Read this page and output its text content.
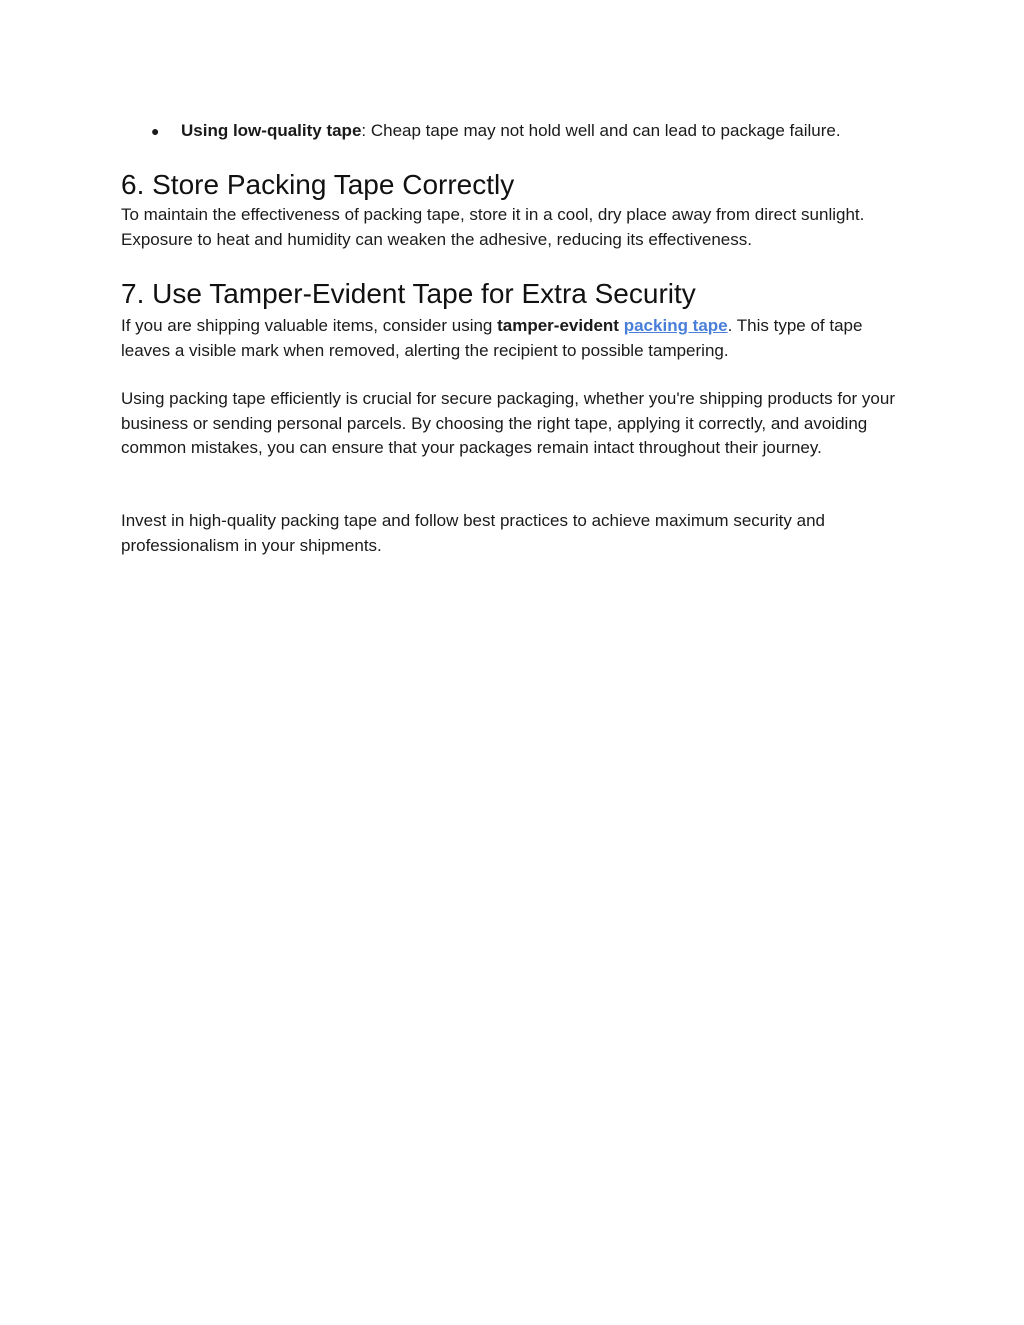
● Using low-quality tape: Cheap tape may not hold well and can lead to package failure.
6. Store Packing Tape Correctly

To maintain the effectiveness of packing tape, store it in a cool, dry place away from direct sunlight. Exposure to heat and humidity can weaken the adhesive, reducing its effectiveness.

7. Use Tamper-Evident Tape for Extra Security

If you are shipping valuable items, consider using tamper-evident packing tape. This type of tape leaves a visible mark when removed, alerting the recipient to possible tampering.

Using packing tape efficiently is crucial for secure packaging, whether you're shipping products for your business or sending personal parcels. By choosing the right tape, applying it correctly, and avoiding common mistakes, you can ensure that your packages remain intact throughout their journey.

Invest in high-quality packing tape and follow best practices to achieve maximum security and professionalism in your shipments.
